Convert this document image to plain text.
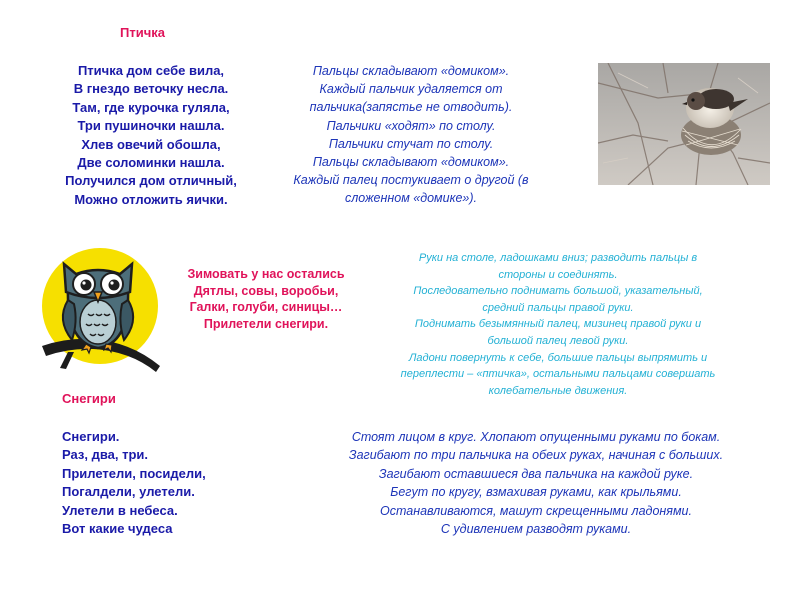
Птичка
Птичка дом себе вила,
В гнездо веточку несла.
Там, где курочка гуляла,
Три пушиночки нашла.
Хлев овечий обошла,
Две соломинки нашла.
Получился дом отличный,
Можно отложить яички.
Пальцы складывают «домиком».
Каждый пальчик удаляется от
пальчика(запястье не отводить).
Пальчики «ходят» по столу.
Пальчики стучат по столу.
Пальцы складывают «домиком».
Каждый палец постукивает о другой (в
сложенном «домике»).
Зимовать у нас остались
Дятлы, совы, воробьи,
Галки, голуби, синицы…
Прилетели снегири.
Руки на столе, ладошками вниз; разводить пальцы в
стороны и соединять.
Последовательно поднимать большой, указательный,
средний пальцы правой руки.
Поднимать безымянный палец, мизинец правой руки и
большой палец левой руки.
Ладони повернуть к себе, большие пальцы выпрямить и
переплести – «птичка», остальными пальцами совершать
колебательные движения.
Снегири
Снегири.
Раз, два, три.
Прилетели, посидели,
Погалдели, улетели.
Улетели в небеса.
Вот какие чудеса
Стоят лицом в круг. Хлопают опущенными руками по бокам.
Загибают по три пальчика на обеих руках, начиная с больших.
Загибают оставшиеся два пальчика на каждой руке.
Бегут по кругу, взмахивая руками, как крыльями.
Останавливаются, машут скрещенными ладонями.
С удивлением разводят руками.
